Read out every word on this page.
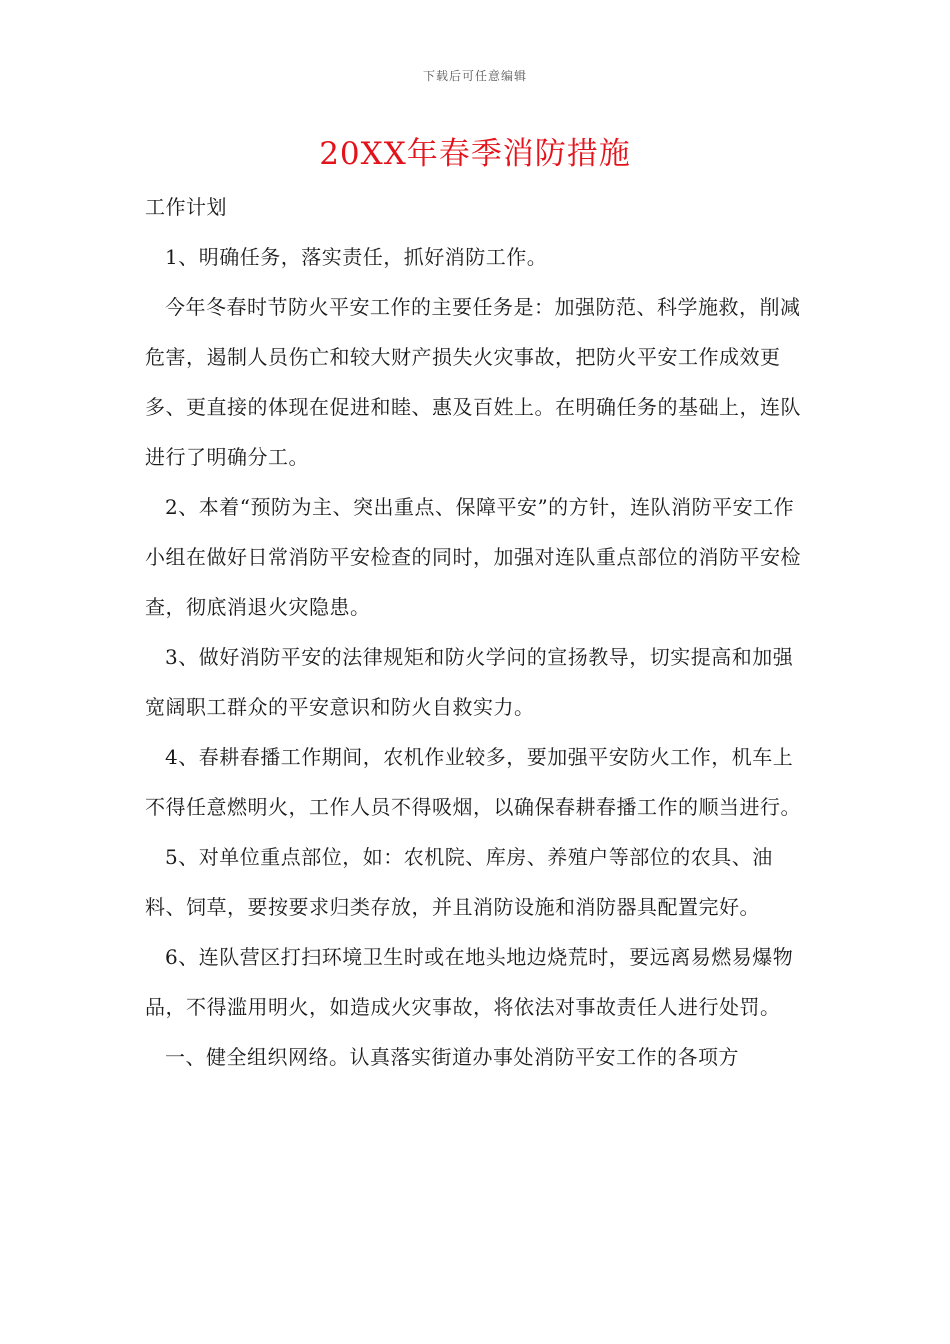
下载后可任意编辑
20XX年春季消防措施

工作计划

1、明确任务，落实责任，抓好消防工作。

今年冬春时节防火平安工作的主要任务是：加强防范、科学施救，削减危害，遏制人员伤亡和较大财产损失火灾事故，把防火平安工作成效更多、更直接的体现在促进和睦、惠及百姓上。在明确任务的基础上，连队进行了明确分工。

2、本着“预防为主、突出重点、保障平安”的方针，连队消防平安工作小组在做好日常消防平安检查的同时，加强对连队重点部位的消防平安检查，彻底消退火灾隐患。

3、做好消防平安的法律规矩和防火学问的宣扬教导，切实提高和加强宽阔职工群众的平安意识和防火自救实力。

4、春耕春播工作期间，农机作业较多，要加强平安防火工作，机车上不得任意燃明火，工作人员不得吸烟，以确保春耕春播工作的顺当进行。

5、对单位重点部位，如：农机院、库房、养殖户等部位的农具、油料、饲草，要按要求归类存放，并且消防设施和消防器具配置完好。

6、连队营区打扫环境卫生时或在地头地边烧荒时，要远离易燃易爆物品，不得滥用明火，如造成火灾事故，将依法对事故责任人进行处罚。

一、健全组织网络。认真落实街道办事处消防平安工作的各项方
